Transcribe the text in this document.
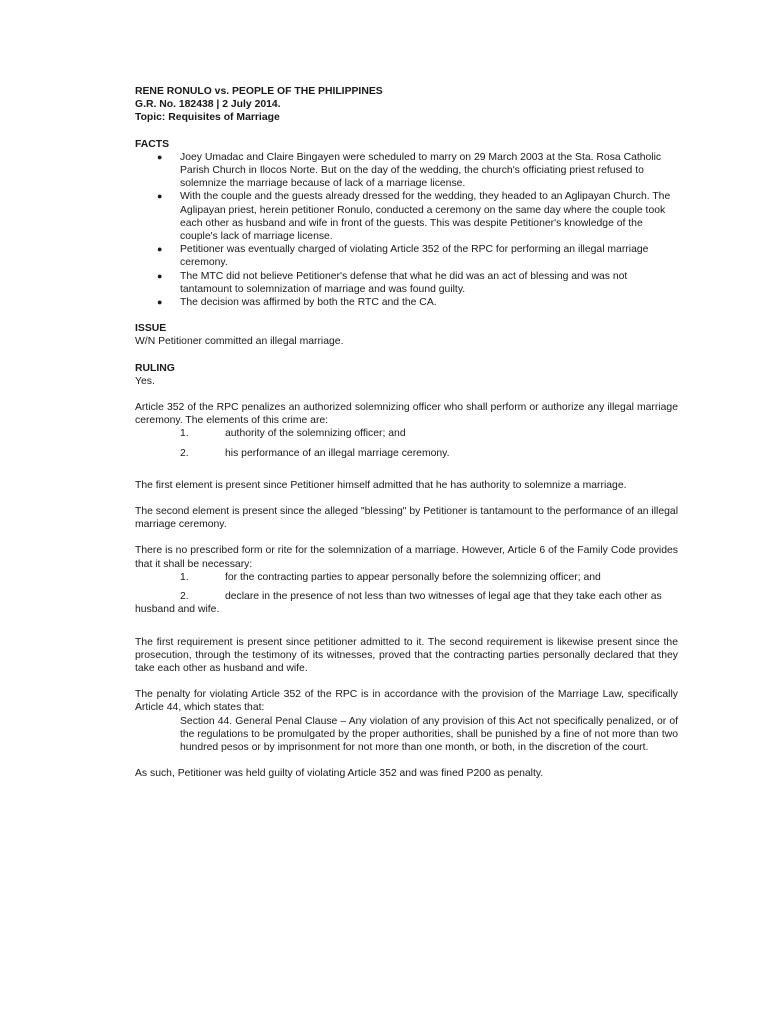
RENE RONULO vs. PEOPLE OF THE PHILIPPINES
G.R. No. 182438 | 2 July 2014.
Topic: Requisites of Marriage
FACTS
● Joey Umadac and Claire Bingayen were scheduled to marry on 29 March 2003 at the Sta. Rosa Catholic Parish Church in Ilocos Norte. But on the day of the wedding, the church's officiating priest refused to solemnize the marriage because of lack of a marriage license.
● With the couple and the guests already dressed for the wedding, they headed to an Aglipayan Church. The Aglipayan priest, herein petitioner Ronulo, conducted a ceremony on the same day where the couple took each other as husband and wife in front of the guests. This was despite Petitioner's knowledge of the couple's lack of marriage license.
● Petitioner was eventually charged of violating Article 352 of the RPC for performing an illegal marriage ceremony.
● The MTC did not believe Petitioner's defense that what he did was an act of blessing and was not tantamount to solemnization of marriage and was found guilty.
● The decision was affirmed by both the RTC and the CA.
ISSUE

W/N Petitioner committed an illegal marriage.

RULING

Yes.

Article 352 of the RPC penalizes an authorized solemnizing officer who shall perform or authorize any illegal marriage ceremony. The elements of this crime are:

1.	authority of the solemnizing officer; and
2.	his performance of an illegal marriage ceremony.

The first element is present since Petitioner himself admitted that he has authority to solemnize a marriage.

The second element is present since the alleged "blessing" by Petitioner is tantamount to the performance of an illegal marriage ceremony.

There is no prescribed form or rite for the solemnization of a marriage. However, Article 6 of the Family Code provides that it shall be necessary:

1.	for the contracting parties to appear personally before the solemnizing officer; and

2.	declare in the presence of not less than two witnesses of legal age that they take each other as husband and wife.

The first requirement is present since petitioner admitted to it. The second requirement is likewise present since the prosecution, through the testimony of its witnesses, proved that the contracting parties personally declared that they take each other as husband and wife.

The penalty for violating Article 352 of the RPC is in accordance with the provision of the Marriage Law, specifically Article 44, which states that:

Section 44. General Penal Clause – Any violation of any provision of this Act not specifically penalized, or of the regulations to be promulgated by the proper authorities, shall be punished by a fine of not more than two hundred pesos or by imprisonment for not more than one month, or both, in the discretion of the court.

As such, Petitioner was held guilty of violating Article 352 and was fined P200 as penalty.
